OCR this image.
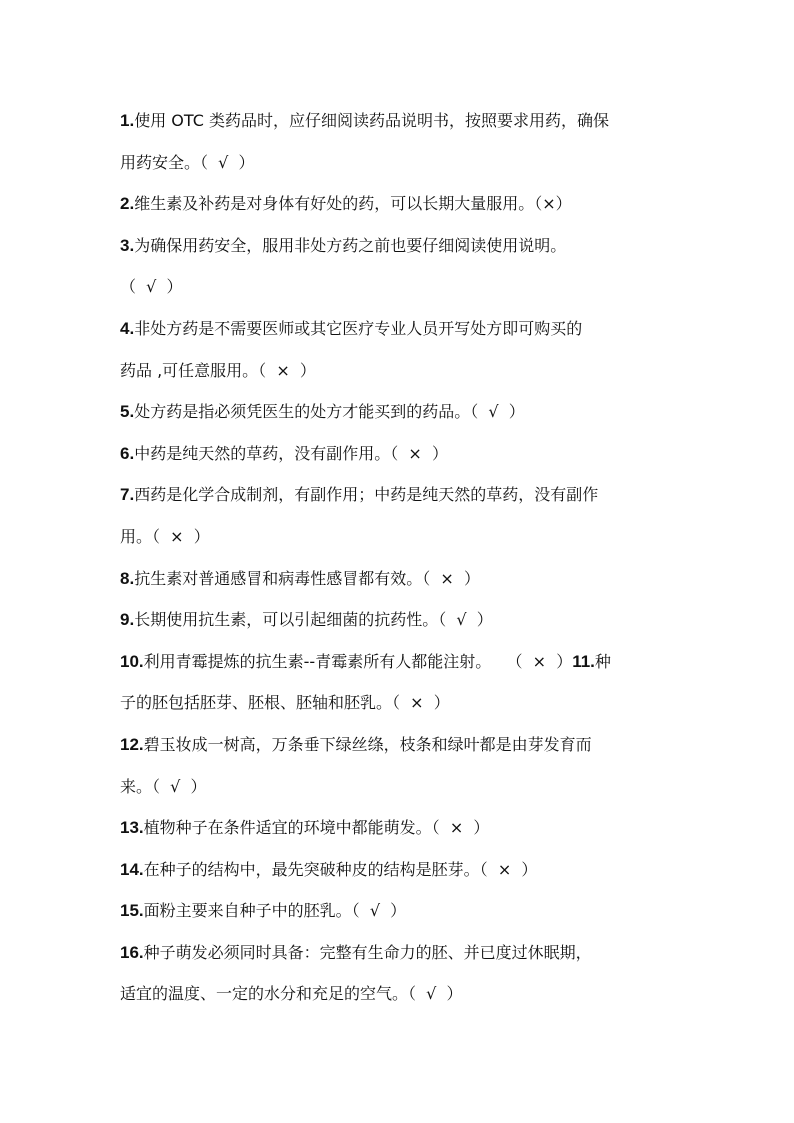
1.使用 OTC 类药品时，应仔细阅读药品说明书，按照要求用药，确保
用药安全。（  √  ）
2.维生素及补药是对身体有好处的药，可以长期大量服用。（×）
3.为确保用药安全，服用非处方药之前也要仔细阅读使用说明。
（  √  ）
4.非处方药是不需要医师或其它医疗专业人员开写处方即可购买的
药品 ,可任意服用。（  ×  ）
5.处方药是指必须凭医生的处方才能买到的药品。（  √  ）
6.中药是纯天然的草药，没有副作用。（  ×  ）
7.西药是化学合成制剂，有副作用；中药是纯天然的草药，没有副作
用。（  ×  ）
8.抗生素对普通感冒和病毒性感冒都有效。（  ×  ）
9.长期使用抗生素，可以引起细菌的抗药性。（  √  ）
10.利用青霉提炼的抗生素--青霉素所有人都能注射。   （  ×  ）11.种
子的胚包括胚芽、胚根、胚轴和胚乳。（  ×  ）
12.碧玉妆成一树高，万条垂下绿丝绦，枝条和绿叶都是由芽发育而
来。（  √  ）
13.植物种子在条件适宜的环境中都能萌发。（  ×  ）
14.在种子的结构中，最先突破种皮的结构是胚芽。（  ×  ）
15.面粉主要来自种子中的胚乳。（  √  ）
16.种子萌发必须同时具备：完整有生命力的胚、并已度过休眠期，
适宜的温度、一定的水分和充足的空气。（  √  ）
